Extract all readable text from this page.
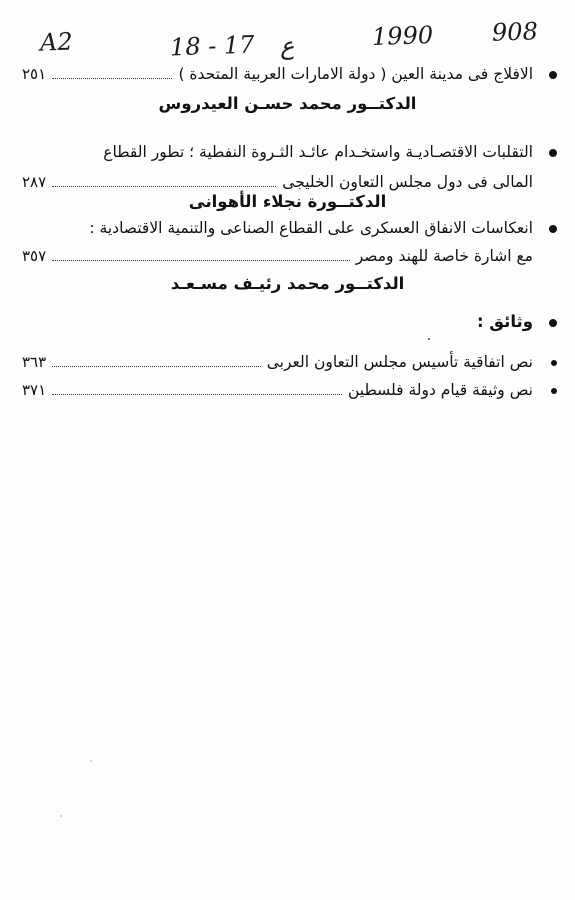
A2	18 - 17 ع	1990 908
الافلاج فى مدينة العين ( دولة الامارات العربية المتحدة )
٢٥١
الدكتــور محمد حسـن العيدروس
التقلبات الاقتصـاديـة واستخـدام عائـد الثـروة النفطية ؛ تطور القطاع
المالى فى دول مجلس التعاون الخليجى
٢٨٧
الدكتــورة نجلاء الأهوانى
انعكاسات الانفاق العسكرى على القطاع الصناعى والتنمية الاقتصادية :
مع اشارة خاصة للهند ومصر
٣٥٧
الدكتــور محمد رئيـف مسـعـد
وثائق :
نص اتفاقية تأسيس مجلس التعاون العربى
٣٦٣
نص وثيقة قيام دولة فلسطين
٣٧١
